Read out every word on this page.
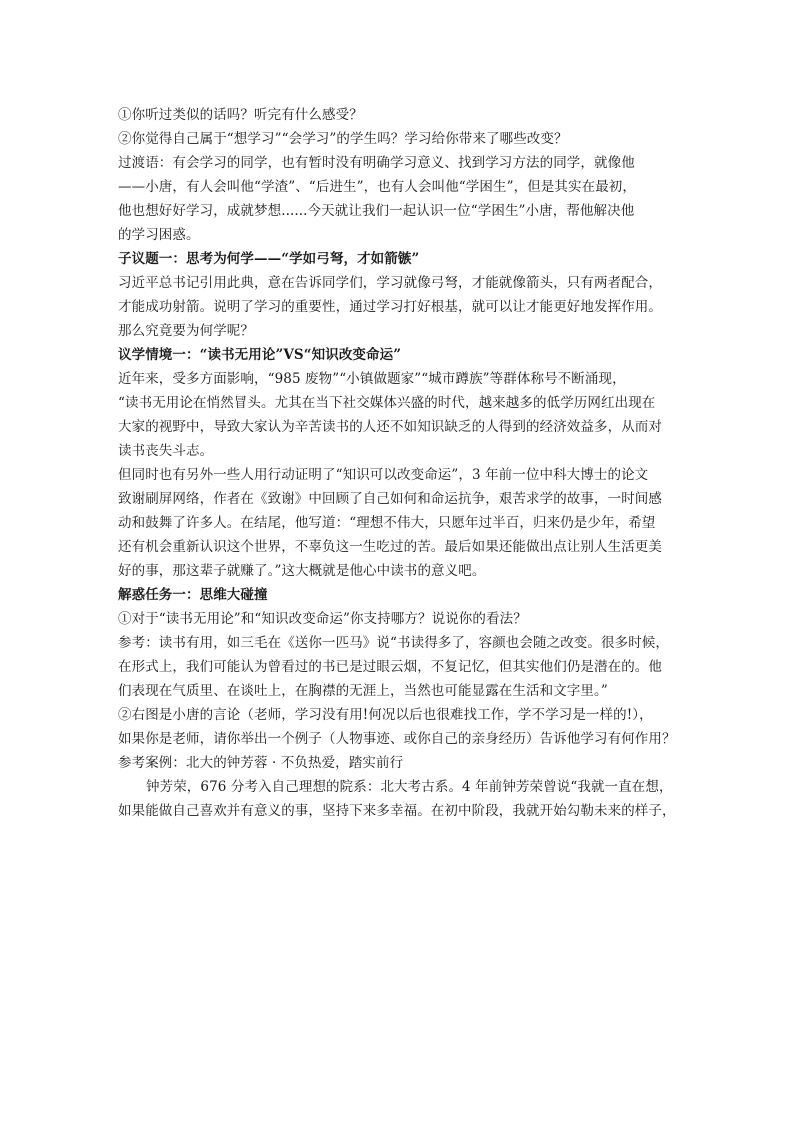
①你听过类似的话吗？听完有什么感受？
②你觉得自己属于“想学习”“会学习”的学生吗？学习给你带来了哪些改变？
过渡语：有会学习的同学，也有暂时没有明确学习意义、找到学习方法的同学，就像他
——小唐，有人会叫他“学渣”、“后进生”，也有人会叫他“学困生”，但是其实在最初，
他也想好好学习，成就梦想......今天就让我们一起认识一位“学困生”小唐，帮他解决他
的学习困惑。
子议题一：思考为何学——“学如弓弩，才如箭镞”
习近平总书记引用此典，意在告诉同学们，学习就像弓弩，才能就像箭头，只有两者配合，
才能成功射箭。说明了学习的重要性，通过学习打好根基，就可以让才能更好地发挥作用。
那么究竟要为何学呢？
议学情境一：“读书无用论”VS“知识改变命运”
近年来，受多方面影响，“985 废物”“小镇做题家”“城市蹲族”等群体称号不断涌现，
“读书无用论在悄然冒头。尤其在当下社交媒体兴盛的时代，越来越多的低学历网红出现在
大家的视野中，导致大家认为辛苦读书的人还不如知识缺乏的人得到的经济效益多，从而对
读书丧失斗志。
但同时也有另外一些人用行动证明了“知识可以改变命运”，3 年前一位中科大博士的论文
致谢刷屏网络，作者在《致谢》中回顾了自己如何和命运抗争，艰苦求学的故事，一时间感
动和鼓舞了许多人。在结尾，他写道：“理想不伟大，只愿年过半百，归来仍是少年，希望
还有机会重新认识这个世界，不辜负这一生吃过的苦。最后如果还能做出点让别人生活更美
好的事，那这辈子就赚了。”这大概就是他心中读书的意义吧。
解惑任务一：思维大碰撞
①对于“读书无用论”和“知识改变命运”你支持哪方？说说你的看法？
参考：读书有用，如三毛在《送你一匹马》说“书读得多了，容颜也会随之改变。很多时候，
在形式上，我们可能认为曾看过的书已是过眼云烟，不复记忆，但其实他们仍是潜在的。他
们表现在气质里、在谈吐上，在胸襟的无涯上，当然也可能显露在生活和文字里。”
②右图是小唐的言论（老师，学习没有用!何况以后也很难找工作，学不学习是一样的!），
如果你是老师，请你举出一个例子（人物事迹、或你自己的亲身经历）告诉他学习有何作用？
参考案例：北大的钟芳蓉 · 不负热爱，踏实前行
钟芳荣，676 分考入自己理想的院系：北大考古系。4 年前钟芳荣曾说“我就一直在想，
如果能做自己喜欢并有意义的事，坚持下来多幸福。在初中阶段，我就开始勾勒未来的样子，
